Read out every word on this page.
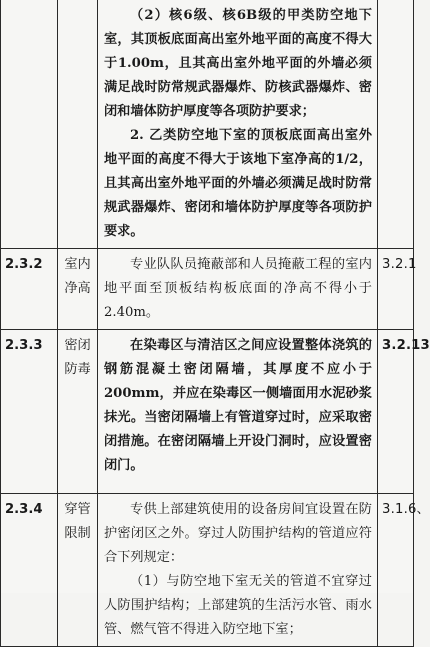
		（2）核6级、核6B级的甲类防空地下室，其顶板底面高出室外地平面的高度不得大于1.00m，且其高出室外地平面的外墙必须满足战时防常规武器爆炸、防核武器爆炸、密闭和墙体防护厚度等各项防护要求；

2. 乙类防空地下室的顶板底面高出室外地平面的高度不得大于该地下室净高的1/2，且其高出室外地平面的外墙必须满足战时防常规武器爆炸、密闭和墙体防护厚度等各项防护要求。	

2.3.2	室内净高	专业队队员掩蔽部和人员掩蔽工程的室内地平面至顶板结构板底面的净高不得小于2.40m。	3.2.1
2.3.3	密闭防毒	在染毒区与清洁区之间应设置整体浇筑的钢筋混凝土密闭隔墙，其厚度不应小于200mm，并应在染毒区一侧墙面用水泥砂浆抹光。当密闭隔墙上有管道穿过时，应采取密闭措施。在密闭隔墙上开设门洞时，应设置密闭门。	3.2.13
2.3.4	穿管限制	专供上部建筑使用的设备房间宜设置在防护密闭区之外。穿过人防围护结构的管道应符合下列规定：

（1）与防空地下室无关的管道不宜穿过人防围护结构；上部建筑的生活污水管、雨水管、燃气管不得进入防空地下室；	3.1.6、
